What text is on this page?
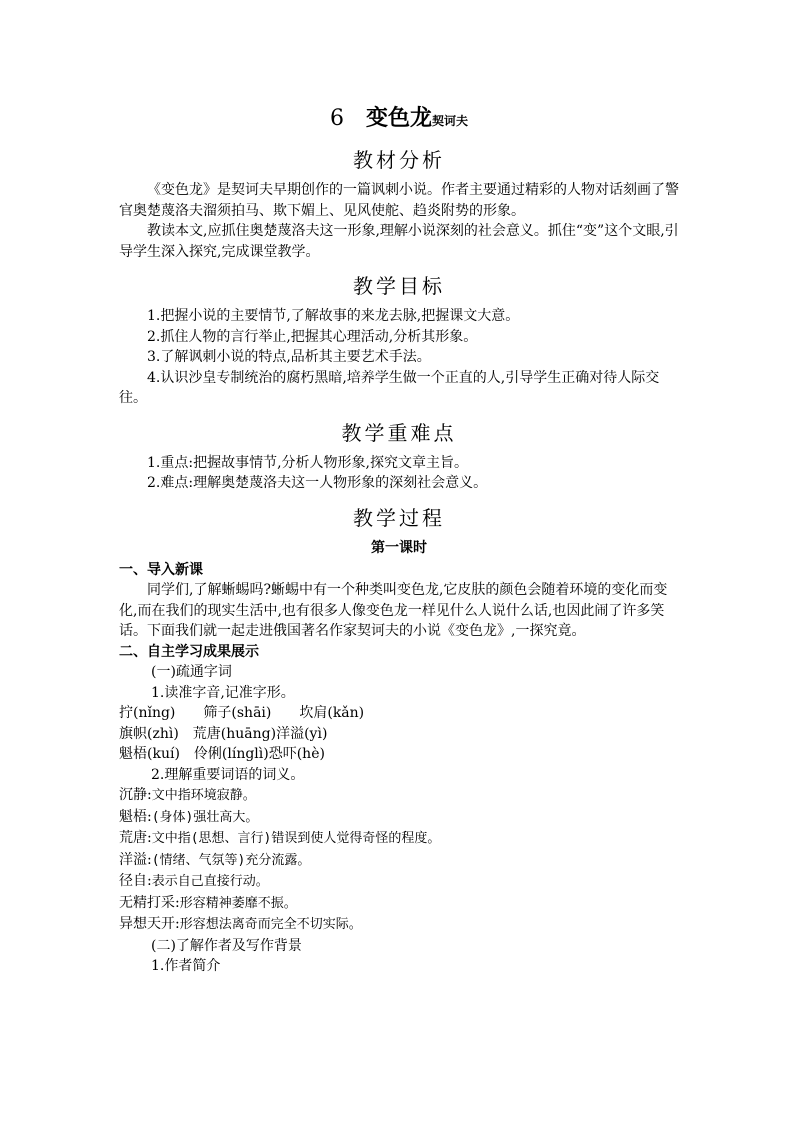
6 变色龙契诃夫
教材分析

《变色龙》是契诃夫早期创作的一篇讽刺小说。作者主要通过精彩的人物对话刻画了警官奥楚蔑洛夫溜须拍马、欺下媚上、见风使舵、趋炎附势的形象。

教读本文,应抓住奥楚蔑洛夫这一形象,理解小说深刻的社会意义。抓住“变”这个文眼,引导学生深入探究,完成课堂教学。

教学目标

1.把握小说的主要情节,了解故事的来龙去脉,把握课文大意。

2.抓住人物的言行举止,把握其心理活动,分析其形象。

3.了解讽刺小说的特点,品析其主要艺术手法。

4.认识沙皇专制统治的腐朽黑暗,培养学生做一个正直的人,引导学生正确对待人际交往。

教学重难点

1.重点:把握故事情节,分析人物形象,探究文章主旨。

2.难点:理解奥楚蔑洛夫这一人物形象的深刻社会意义。

教学过程
第一课时

一、导入新课

同学们,了解蜥蜴吗?蜥蜴中有一个种类叫变色龙,它皮肤的颜色会随着环境的变化而变化,而在我们的现实生活中,也有很多人像变色龙一样见什么人说什么话,也因此闹了许多笑话。下面我们就一起走进俄国著名作家契诃夫的小说《变色龙》,一探究竟。

二、自主学习成果展示

(一)疏通字词

1.读准字音,记准字形。

拧(nǐng) 筛子(shāi) 坎肩(kǎn)

旗帜(zhì) 荒唐(huāng)洋溢(yì)

魁梧(kuí) 伶俐(línglì)恐吓(hè)

2.理解重要词语的词义。

沉静:文中指环境寂静。

魁梧:(身体)强壮高大。

荒唐:文中指(思想、言行)错误到使人觉得奇怪的程度。

洋溢:(情绪、气氛等)充分流露。

径自:表示自己直接行动。

无精打采:形容精神萎靡不振。

异想天开:形容想法离奇而完全不切实际。

(二)了解作者及写作背景

1.作者简介
